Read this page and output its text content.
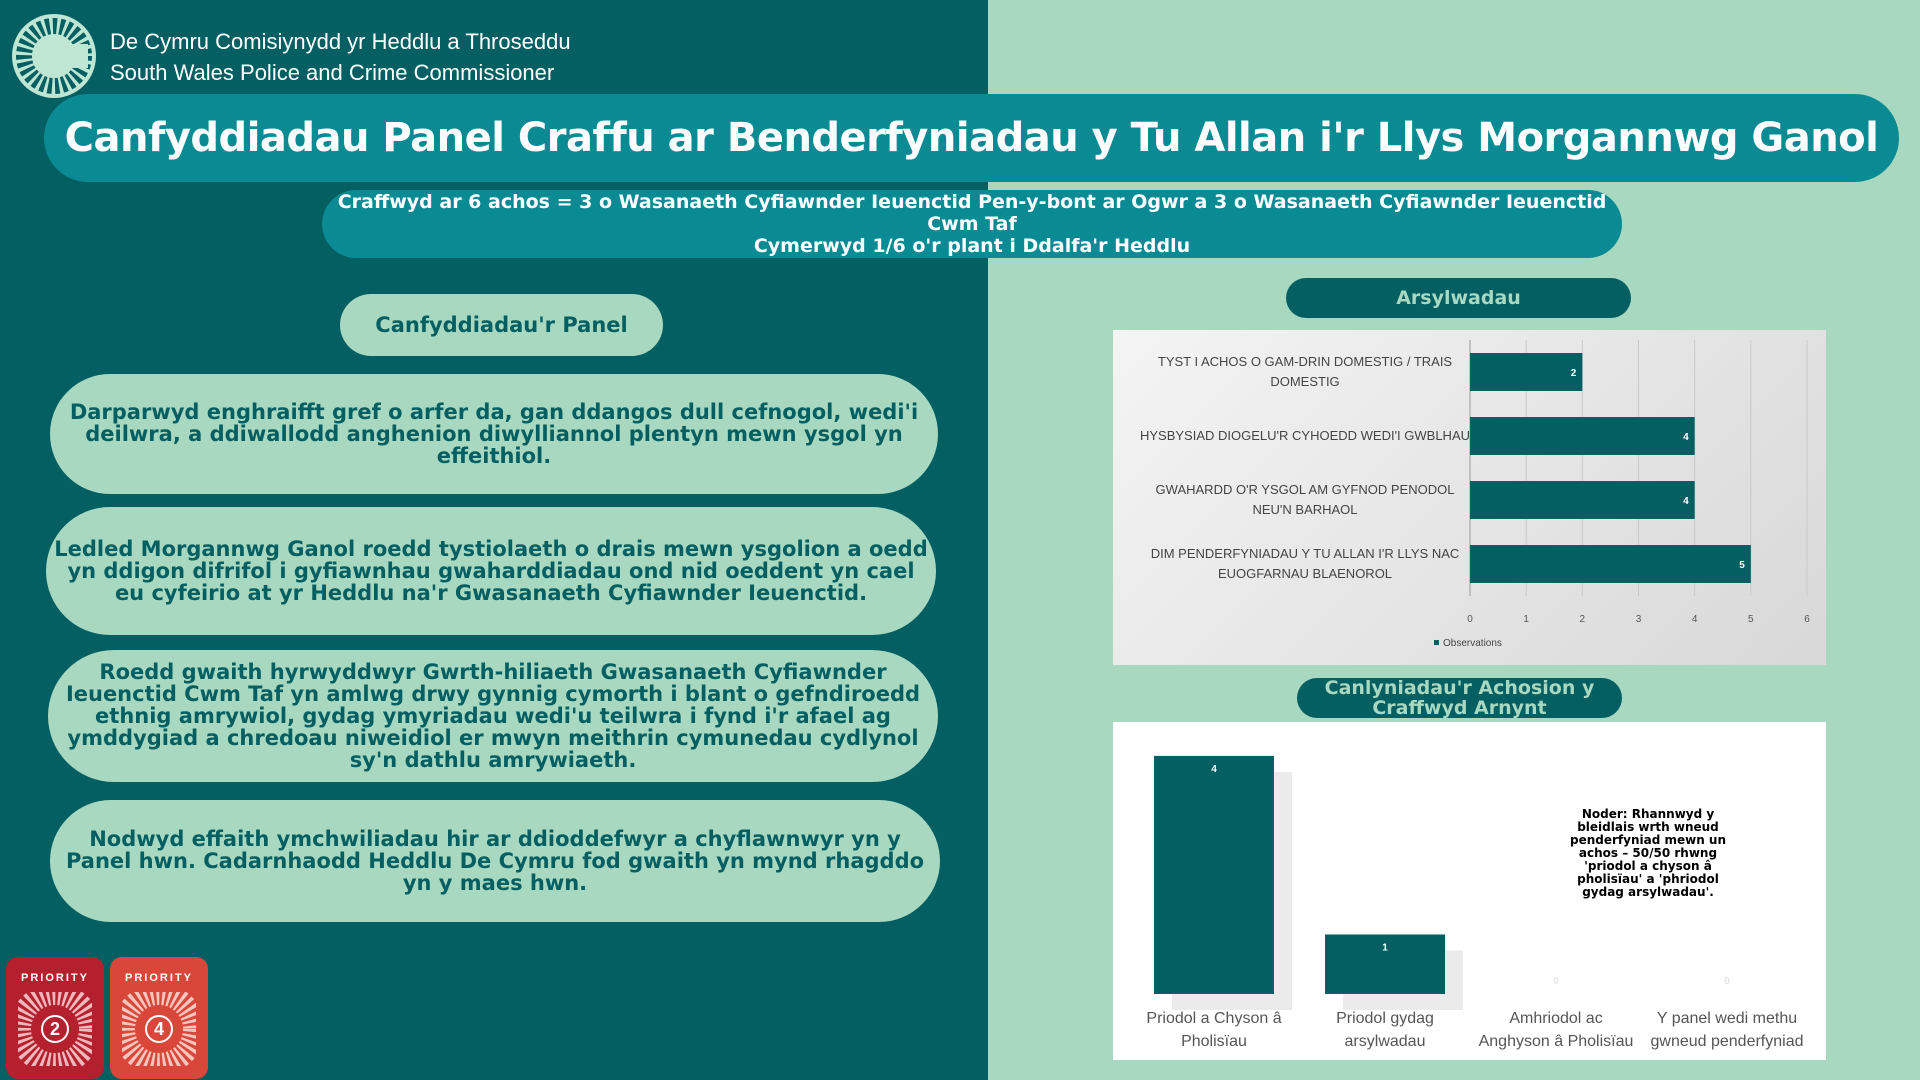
De Cymru Comisiynydd yr Heddlu a Throseddu
South Wales Police and Crime Commissioner
Canfyddiadau Panel Craffu ar Benderfyniadau y Tu Allan i'r Llys Morgannwg Ganol
Craffwyd ar 6 achos = 3 o Wasanaeth Cyfiawnder Ieuenctid Pen-y-bont ar Ogwr a 3 o Wasanaeth Cyfiawnder Ieuenctid Cwm Taf
Cymerwyd 1/6 o'r plant i Ddalfa'r Heddlu
Canfyddiadau'r Panel
Darparwyd enghraifft gref o arfer da, gan ddangos dull cefnogol, wedi'i deilwra, a ddiwallodd anghenion diwylliannol plentyn mewn ysgol yn effeithiol.
Ledled Morgannwg Ganol roedd tystiolaeth o drais mewn ysgolion a oedd yn ddigon difrifol i gyfiawnhau gwaharddiadau ond nid oeddent yn cael eu cyfeirio at yr Heddlu na'r Gwasanaeth Cyfiawnder Ieuenctid.
Roedd gwaith hyrwyddwyr Gwrth-hiliaeth Gwasanaeth Cyfiawnder Ieuenctid Cwm Taf yn amlwg drwy gynnig cymorth i blant o gefndiroedd ethnig amrywiol, gydag ymyriadau wedi'u teilwra i fynd i'r afael ag ymddygiad a chredoau niweidiol er mwyn meithrin cymunedau cydlynol sy'n dathlu amrywiaeth.
Nodwyd effaith ymchwiliadau hir ar ddioddefwyr a chyflawnwyr yn y Panel hwn. Cadarnhaodd Heddlu De Cymru fod gwaith yn mynd rhagddo yn y maes hwn.
PRIORITY
2
PRIORITY
4
Arsylwadau
0	1	2	3	4	5	6
2
TYST I ACHOS O GAM-DRIN DOMESTIG / TRAIS
DOMESTIG
4
HYSBYSIAD DIOGELU'R CYHOEDD WEDI'I GWBLHAU
4
GWAHARDD O'R YSGOL AM GYFNOD PENODOL
NEU'N BARHAOL
5
DIM PENDERFYNIADAU Y TU ALLAN I'R LLYS NAC
EUOGFARNAU BLAENOROL
Observations
Canlyniadau'r Achosion y Craffwyd Arnynt
4
Priodol a Chyson â
Pholisïau
1
Priodol gydag
arsylwadau
0
Amhriodol ac
Anghyson â Pholisïau
0
Y panel wedi methu
gwneud penderfyniad
Noder: Rhannwyd y bleidlais wrth wneud penderfyniad mewn un achos – 50/50 rhwng 'priodol a chyson â pholisïau' a 'phriodol gydag arsylwadau'.
